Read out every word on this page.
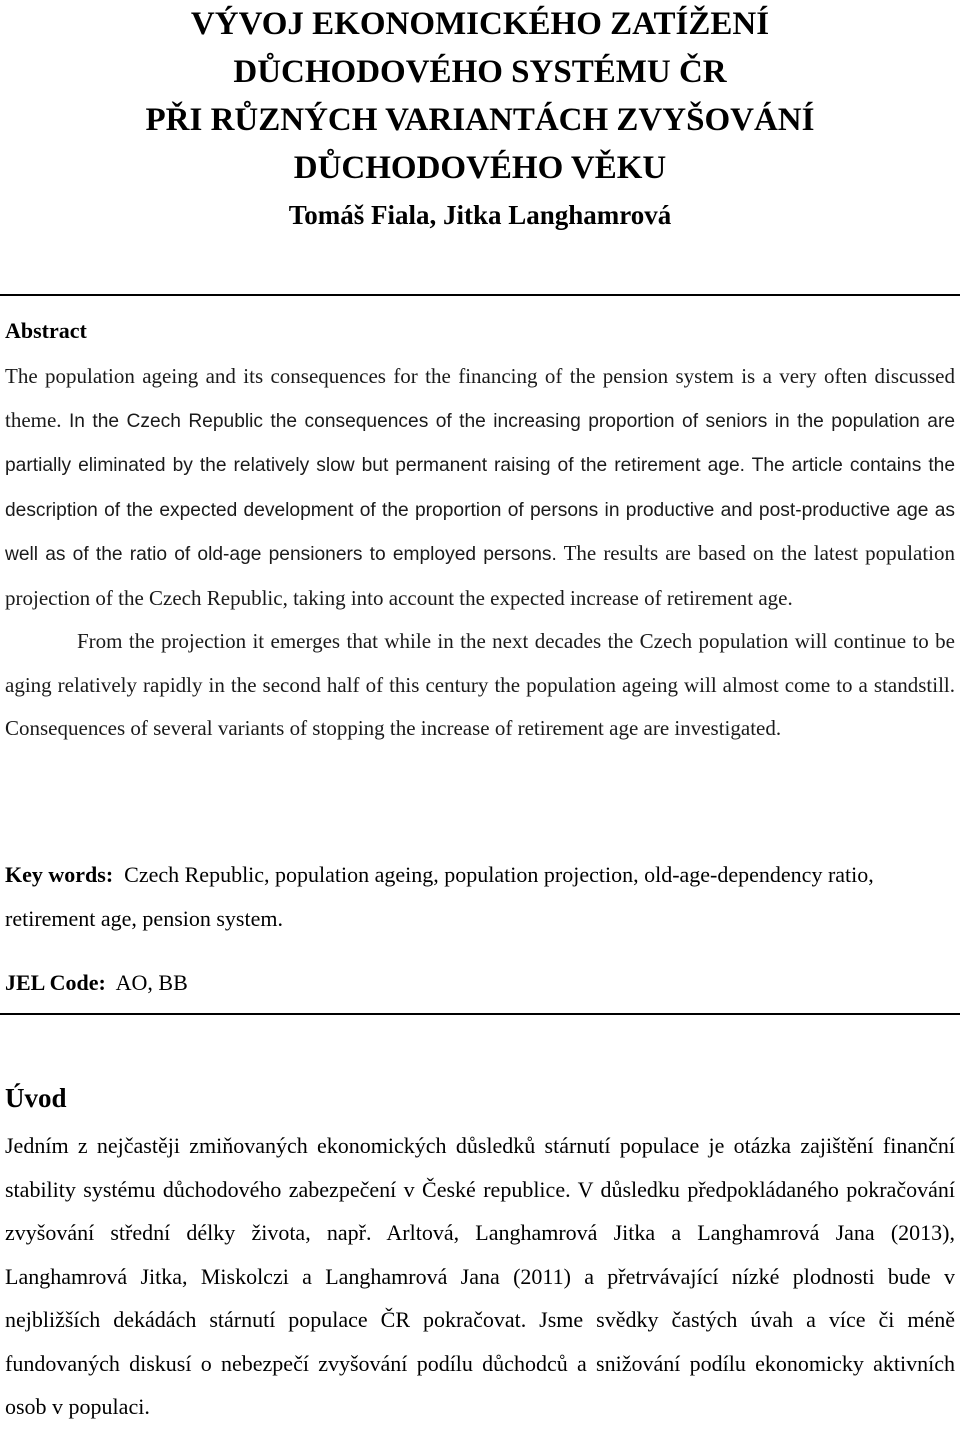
VÝVOJ EKONOMICKÉHO ZATÍŽENÍ
DŮCHODOVÉHO SYSTÉMU ČR
PŘI RŮZNÝCH VARIANTÁCH ZVYŠOVÁNÍ
DŮCHODOVÉHO VĚKU

Tomáš Fiala, Jitka Langhamrová

Abstract
The population ageing and its consequences for the financing of the pension system is a very often discussed theme. In the Czech Republic the consequences of the increasing proportion of seniors in the population are partially eliminated by the relatively slow but permanent raising of the retirement age. The article contains the description of the expected development of the proportion of persons in productive and post-productive age as well as of the ratio of old-age pensioners to employed persons. The results are based on the latest population projection of the Czech Republic, taking into account the expected increase of retirement age.
From the projection it emerges that while in the next decades the Czech population will continue to be aging relatively rapidly in the second half of this century the population ageing will almost come to a standstill. Consequences of several variants of stopping the increase of retirement age are investigated.

Key words: Czech Republic, population ageing, population projection, old-age-dependency ratio, retirement age, pension system.

JEL Code: AO, BB

Úvod

Jedním z nejčastěji zmiňovaných ekonomických důsledků stárnutí populace je otázka zajištění finanční stability systému důchodového zabezpečení v České republice. V důsledku předpokládaného pokračování zvyšování střední délky života, např. Arltová, Langhamrová Jitka a Langhamrová Jana (2013), Langhamrová Jitka, Miskolczi a Langhamrová Jana (2011) a přetrvávající nízké plodnosti bude v nejbližších dekádách stárnutí populace ČR pokračovat. Jsme svědky častých úvah a více či méně fundovaných diskusí o nebezpečí zvyšování podílu důchodců a snižování podílu ekonomicky aktivních osob v populaci.
